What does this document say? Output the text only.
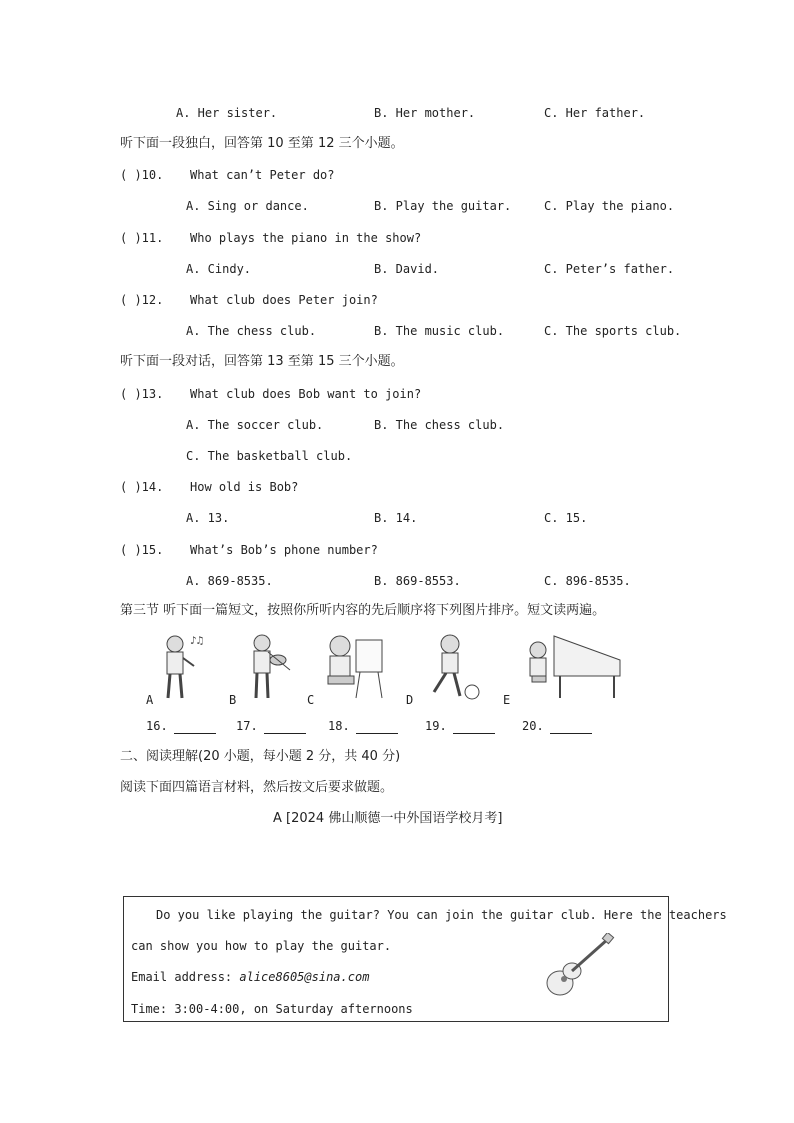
A. Her sister.	B. Her mother.	C. Her father.
听下面一段独白，回答第 10 至第 12 三个小题。
( )10. What can’t Peter do?
A. Sing or dance.	B. Play the guitar.	C. Play the piano.
( )11. Who plays the piano in the show?
A. Cindy.	B. David.	C. Peter’s father.
( )12. What club does Peter join?
A. The chess club.	B. The music club.	C. The sports club.
听下面一段对话，回答第 13 至第 15 三个小题。
( )13. What club does Bob want to join?
A. The soccer club.	B. The chess club.
C. The basketball club.
( )14. How old is Bob?
A. 13.	B. 14.	C. 15.
( )15. What’s Bob’s phone number?
A. 869-8535.	B. 869-8553.	C. 896-8535.
第三节 听下面一篇短文，按照你所听内容的先后顺序将下列图片排序。短文读两遍。
♪♫
A	B	C	D	E
16.	17.	18.	19.	20.
二、阅读理解(20 小题，每小题 2 分，共 40 分)
阅读下面四篇语言材料，然后按文后要求做题。
A [2024 佛山顺德一中外国语学校月考]
Do you like playing the guitar? You can join the guitar club. Here the teachers
can show you how to play the guitar.
Email address: alice8605@sina.com
Time: 3:00-4:00, on Saturday afternoons
